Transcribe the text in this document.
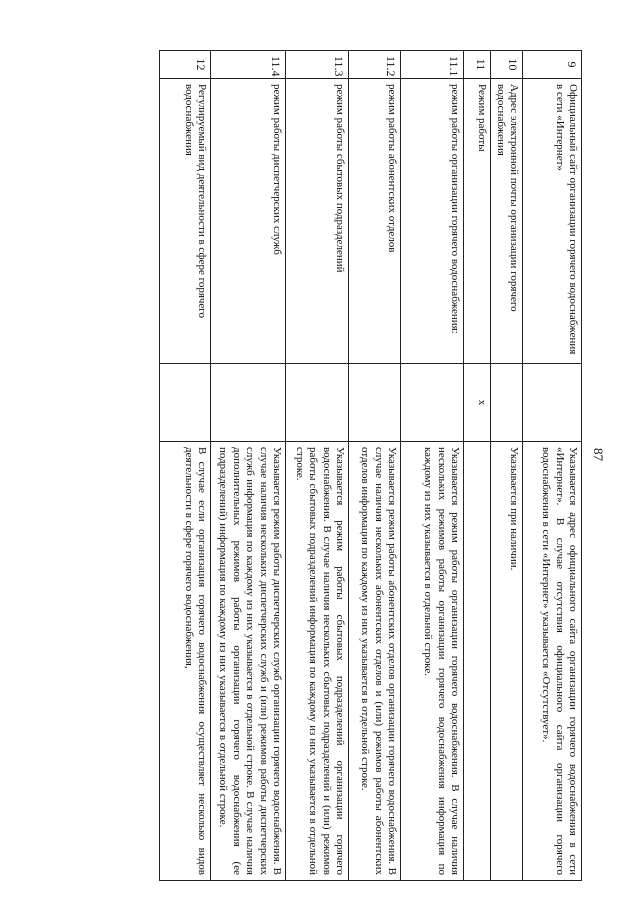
87
9	Официальный сайт организации горячего водоснабжения в сети «Интернет»		Указывается адрес официального сайта организации горячего водоснабжения в сети «Интернет». В случае отсутствия официального сайта организации горячего водоснабжения в сети «Интернет» указывается «Отсутствует».
10	Адрес электронной почты организации горячего водоснабжения		Указывается при наличии.
11	Режим работы	x	
11.1	режим работы организации горячего водоснабжения:		Указывается режим работы организации горячего водоснабжения. В случае наличия нескольких режимов работы организации горячего водоснабжения информация по каждому из них указывается в отдельной строке.
11.2	режим работы абонентских отделов		Указывается режим работы абонентских отделов организации горячего водоснабжения. В случае наличия нескольких абонентских отделов и (или) режимов работы абонентских отделов информация по каждому из них указывается в отдельной строке.
11.3	режим работы сбытовых подразделений		Указывается режим работы сбытовых подразделений организации горячего водоснабжения. В случае наличия нескольких сбытовых подразделений и (или) режимов работы сбытовых подразделений информация по каждому из них указывается в отдельной строке.
11.4	режим работы диспетчерских служб		Указывается режим работы диспетчерских служб организации горячего водоснабжения. В случае наличия нескольких диспетчерских служб и (или) режимов работы диспетчерских служб информация по каждому из них указывается в отдельной строке. В случае наличия дополнительных режимов работы организации горячего водоснабжения (ее подразделений) информация по каждому из них указывается в отдельной строке.
12	Регулируемый вид деятельности в сфере горячего водоснабжения		В случае если организация горячего водоснабжения осуществляет несколько видов деятельности в сфере горячего водоснабжения,
